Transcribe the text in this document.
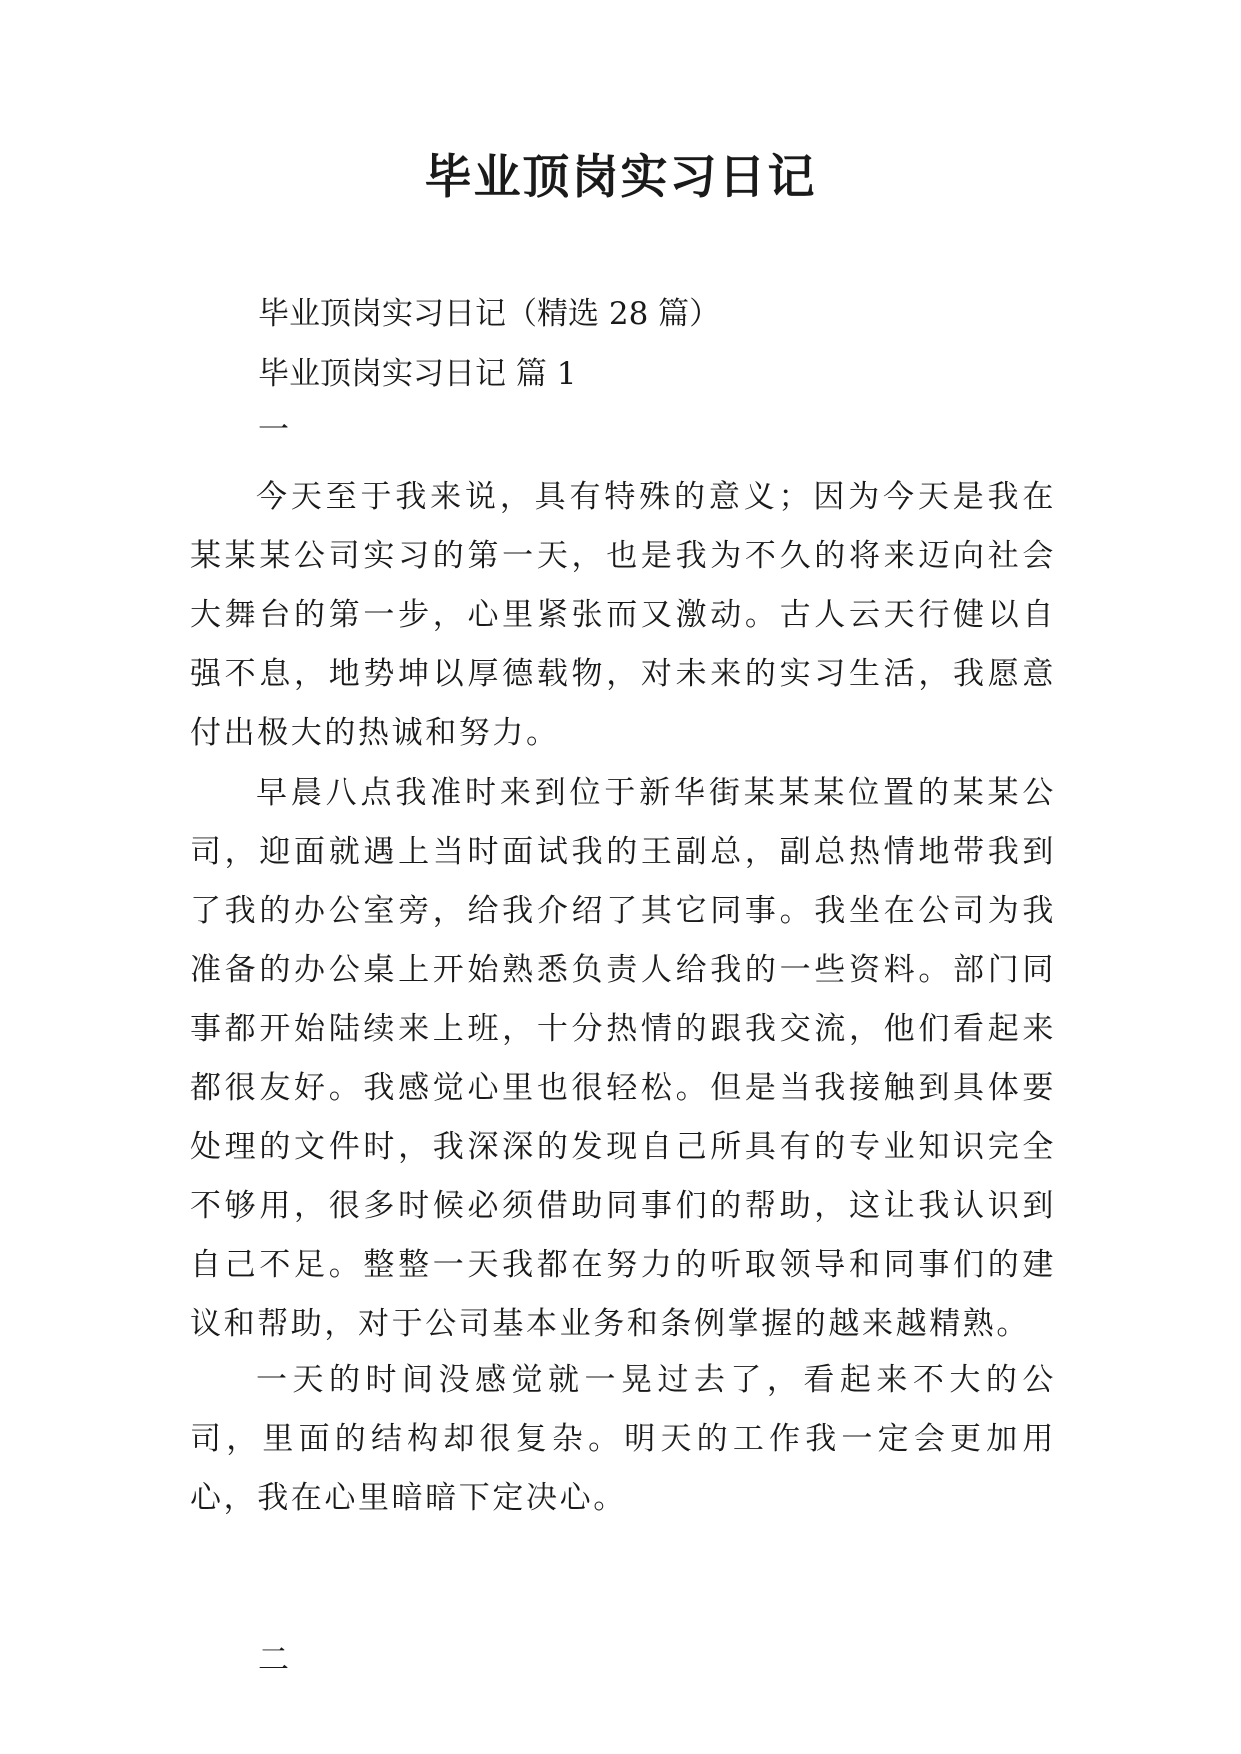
毕业顶岗实习日记

毕业顶岗实习日记（精选 28 篇）

毕业顶岗实习日记 篇 1

一

今天至于我来说，具有特殊的意义；因为今天是我在某某某公司实习的第一天，也是我为不久的将来迈向社会大舞台的第一步，心里紧张而又激动。古人云天行健以自强不息，地势坤以厚德载物，对未来的实习生活，我愿意付出极大的热诚和努力。

早晨八点我准时来到位于新华街某某某位置的某某公司，迎面就遇上当时面试我的王副总，副总热情地带我到了我的办公室旁，给我介绍了其它同事。我坐在公司为我准备的办公桌上开始熟悉负责人给我的一些资料。部门同事都开始陆续来上班，十分热情的跟我交流，他们看起来都很友好。我感觉心里也很轻松。但是当我接触到具体要处理的文件时，我深深的发现自己所具有的专业知识完全不够用，很多时候必须借助同事们的帮助，这让我认识到自己不足。整整一天我都在努力的听取领导和同事们的建议和帮助，对于公司基本业务和条例掌握的越来越精熟。

一天的时间没感觉就一晃过去了，看起来不大的公司，里面的结构却很复杂。明天的工作我一定会更加用心，我在心里暗暗下定决心。

二
